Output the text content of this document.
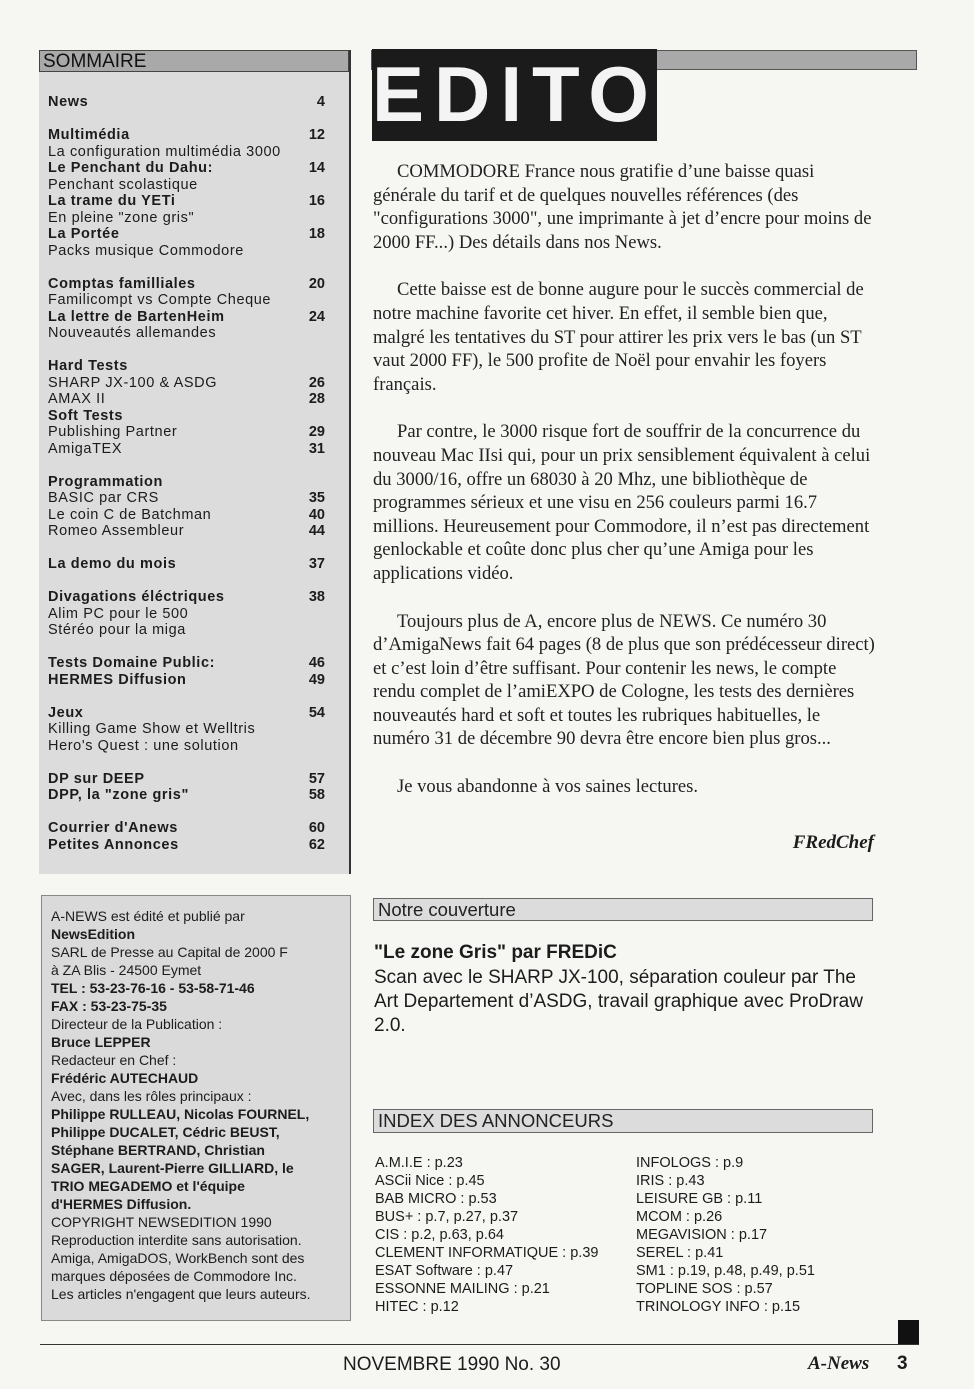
SOMMAIRE
News	4
Multimédia	12
La configuration multimédia 3000
Le Penchant du Dahu:	14
Penchant scolastique
La trame du YETi	16
En pleine "zone gris"
La Portée	18
Packs musique Commodore
Comptas familliales	20
Familicompt vs Compte Cheque
La lettre de BartenHeim	24
Nouveautés allemandes
Hard Tests
SHARP JX-100 & ASDG	26
AMAX II	28
Soft Tests
Publishing Partner	29
AmigaTEX	31
Programmation
BASIC par CRS	35
Le coin C de Batchman	40
Romeo Assembleur	44
La demo du mois	37
Divagations éléctriques	38
Alim PC pour le 500
Stéréo pour la miga
Tests Domaine Public:	46
HERMES Diffusion	49
Jeux	54
Killing Game Show et Welltris
Hero's Quest : une solution
DP sur DEEP	57
DPP, la "zone gris"	58
Courrier d'Anews	60
Petites Annonces	62
A-NEWS est édité et publié par
NewsEdition
SARL de Presse au Capital de 2000 F
à ZA Blis - 24500 Eymet
TEL : 53-23-76-16 - 53-58-71-46
FAX : 53-23-75-35
Directeur de la Publication :
Bruce LEPPER
Redacteur en Chef :
Frédéric AUTECHAUD
Avec, dans les rôles principaux :
Philippe RULLEAU, Nicolas FOURNEL,
Philippe DUCALET, Cédric BEUST,
Stéphane BERTRAND, Christian
SAGER, Laurent-Pierre GILLIARD, le
TRIO MEGADEMO et l'équipe
d'HERMES Diffusion.
COPYRIGHT NEWSEDITION 1990
Reproduction interdite sans autorisation.
Amiga, AmigaDOS, WorkBench sont des
marques déposées de Commodore Inc.
Les articles n'engagent que leurs auteurs.
EDITO

COMMODORE France nous gratifie d’une baisse quasi générale du tarif et de quelques nouvelles références (des "configurations 3000", une imprimante à jet d’encre pour moins de 2000 FF...) Des détails dans nos News.

Cette baisse est de bonne augure pour le succès commercial de notre machine favorite cet hiver. En effet, il semble bien que, malgré les tentatives du ST pour attirer les prix vers le bas (un ST vaut 2000 FF), le 500 profite de Noël pour envahir les foyers français.

Par contre, le 3000 risque fort de souffrir de la concurrence du nouveau Mac IIsi qui, pour un prix sensiblement équivalent à celui du 3000/16, offre un 68030 à 20 Mhz, une bibliothèque de programmes sérieux et une visu en 256 couleurs parmi 16.7 millions. Heureusement pour Commodore, il n’est pas directement genlockable et coûte donc plus cher qu’une Amiga pour les applications vidéo.

Toujours plus de A, encore plus de NEWS. Ce numéro 30 d’AmigaNews fait 64 pages (8 de plus que son prédécesseur direct) et c’est loin d’être suffisant. Pour contenir les news, le compte rendu complet de l’amiEXPO de Cologne, les tests des dernières nouveautés hard et soft et toutes les rubriques habituelles, le numéro 31 de décembre 90 devra être encore bien plus gros...

Je vous abandonne à vos saines lectures.

FRedChef
Notre couverture
"Le zone Gris" par FREDiC
Scan avec le SHARP JX-100, séparation couleur par The Art Departement d’ASDG, travail graphique avec ProDraw 2.0.
INDEX DES ANNONCEURS
A.M.I.E : p.23
ASCii Nice : p.45
BAB MICRO : p.53
BUS+ : p.7, p.27, p.37
CIS : p.2, p.63, p.64
CLEMENT INFORMATIQUE : p.39
ESAT Software : p.47
ESSONNE MAILING : p.21
HITEC : p.12
INFOLOGS : p.9
IRIS : p.43
LEISURE GB : p.11
MCOM : p.26
MEGAVISION : p.17
SEREL : p.41
SM1 : p.19, p.48, p.49, p.51
TOPLINE SOS : p.57
TRINOLOGY INFO : p.15
NOVEMBRE 1990 No. 30	A-News 3
